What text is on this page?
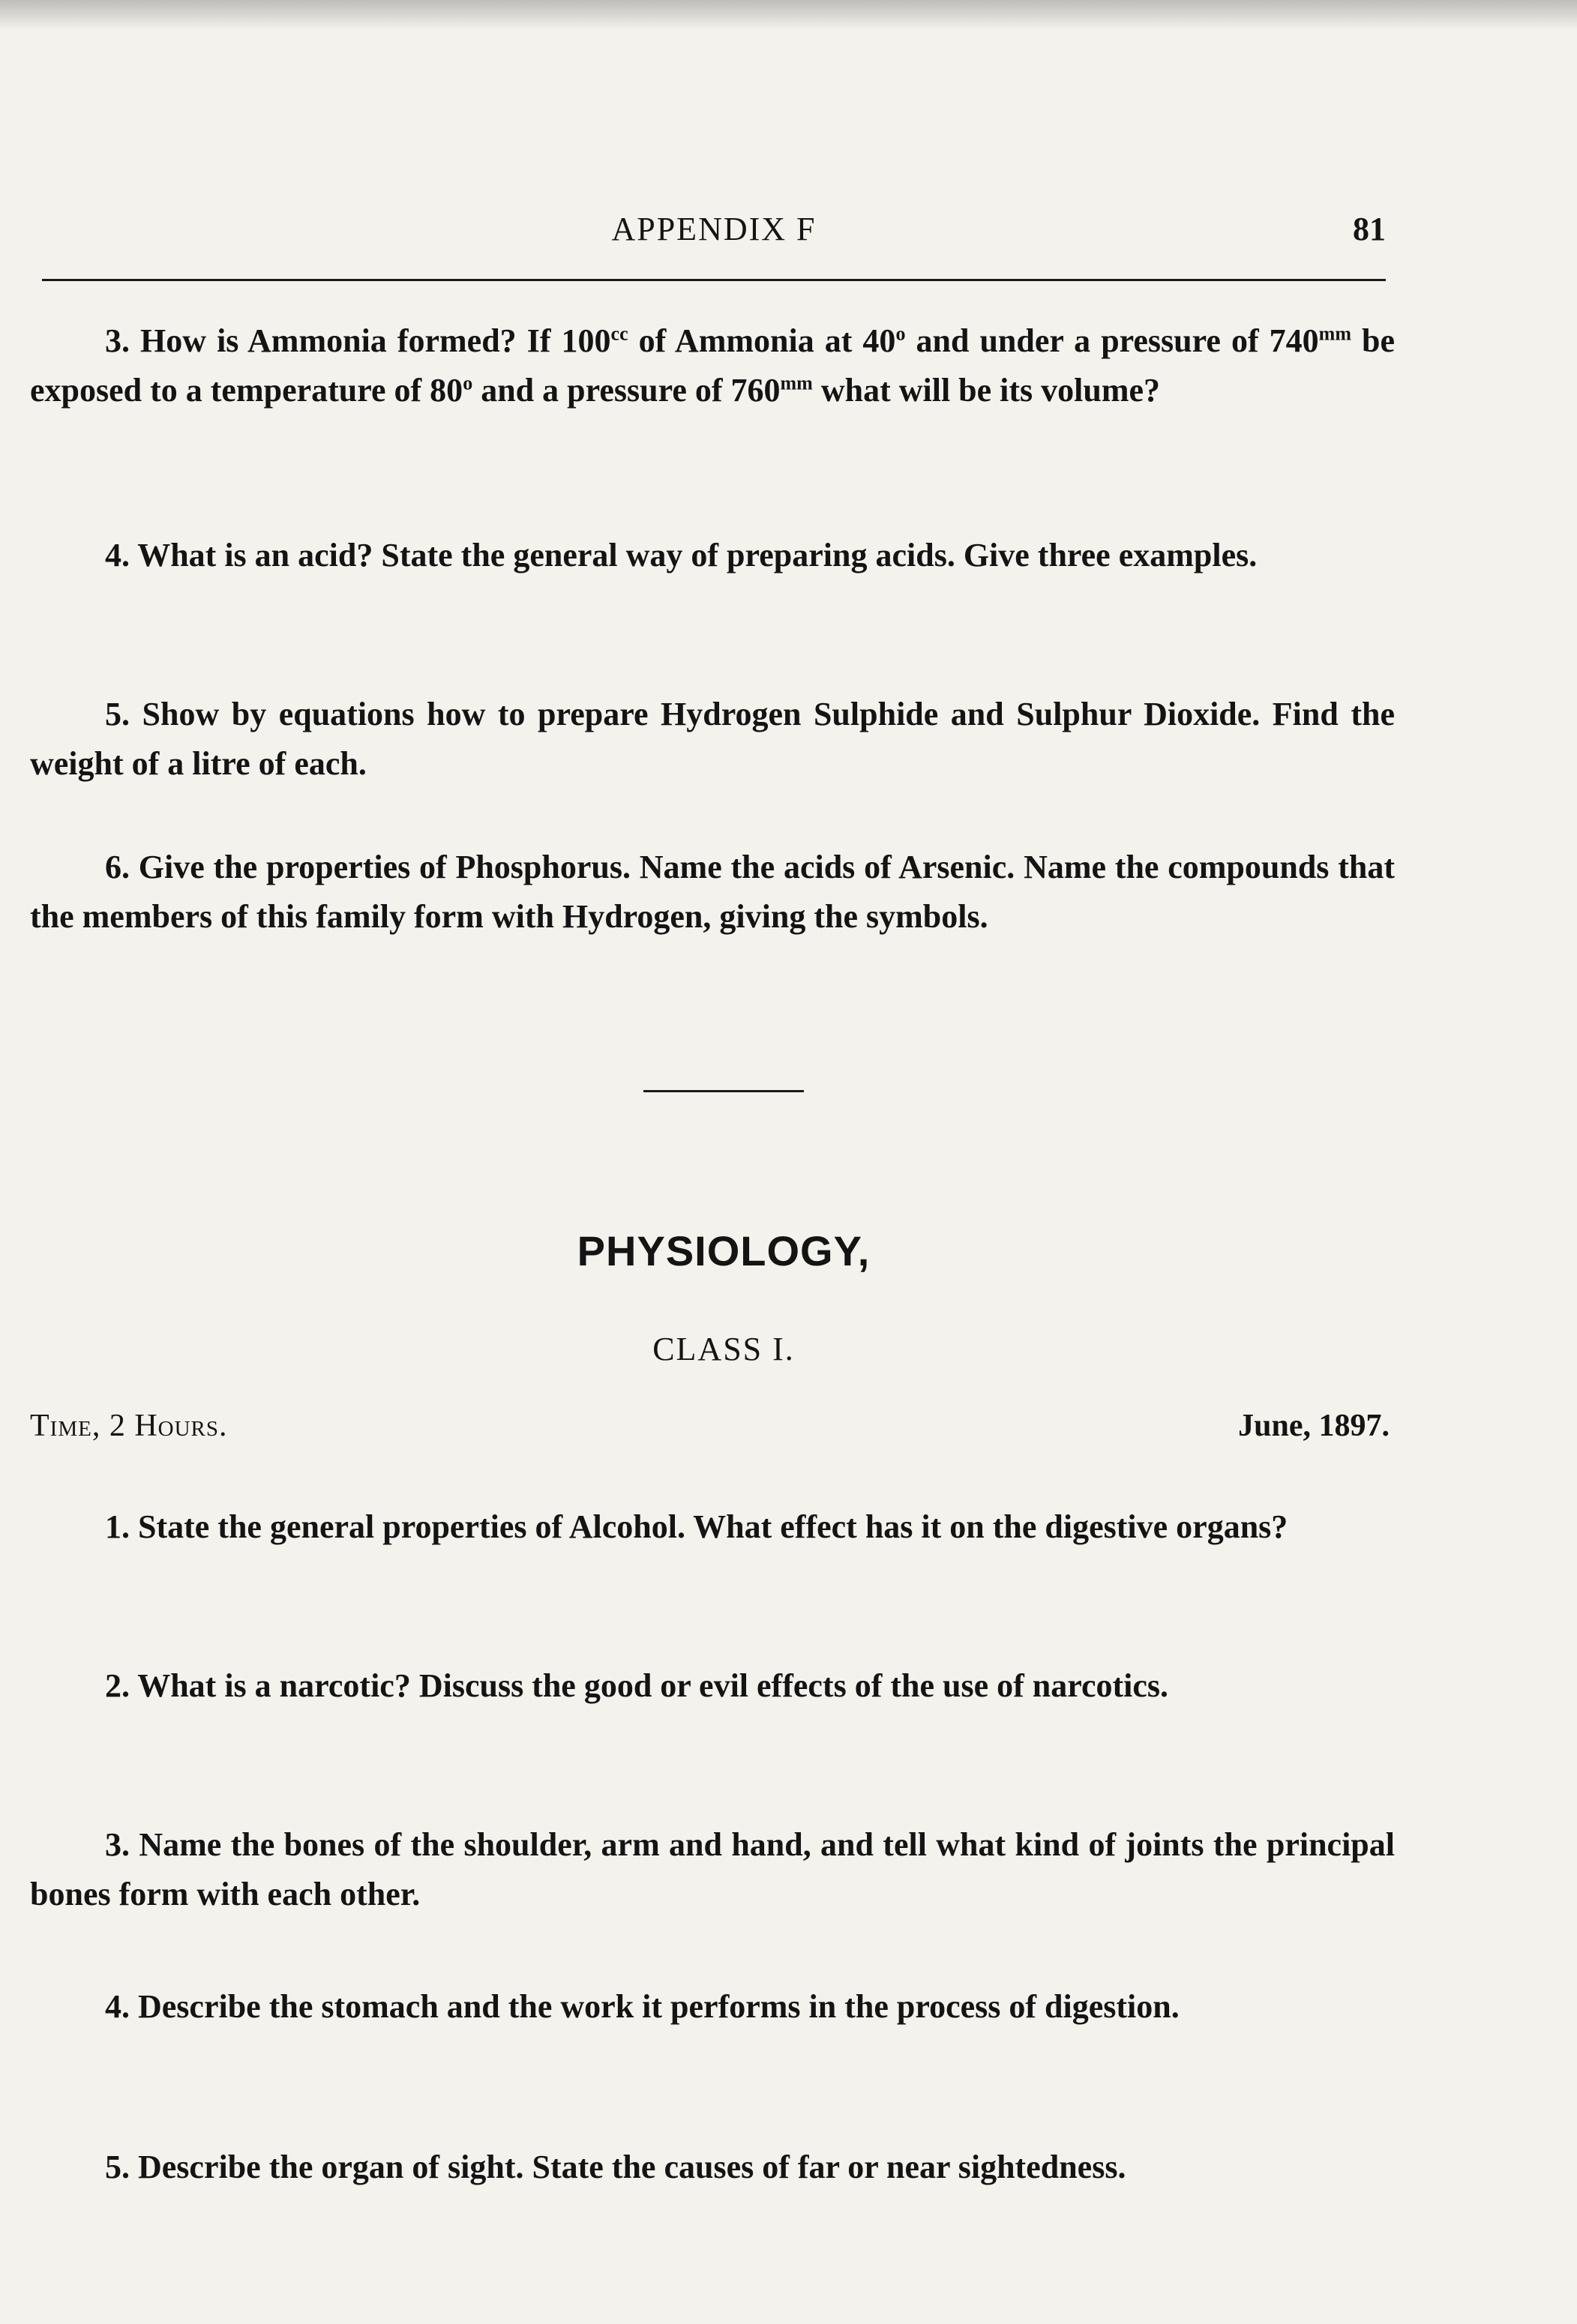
APPENDIX F	81
3. How is Ammonia formed? If $100^{cc}$ of Ammonia at 40$^o$ and under a pressure of $740^{mm}$ be exposed to a temperature of 80$^o$ and a pressure of $760^{mm}$ what will be its volume?
4. What is an acid? State the general way of preparing acids. Give three examples.
5. Show by equations how to prepare Hydrogen Sulphide and Sulphur Dioxide. Find the weight of a litre of each.
6. Give the properties of Phosphorus. Name the acids of Arsenic. Name the compounds that the members of this family form with Hydrogen, giving the symbols.
PHYSIOLOGY,
CLASS I.
Time, 2 Hours.	June, 1897.
1. State the general properties of Alcohol. What effect has it on the digestive organs?
2. What is a narcotic? Discuss the good or evil effects of the use of narcotics.
3. Name the bones of the shoulder, arm and hand, and tell what kind of joints the principal bones form with each other.
4. Describe the stomach and the work it performs in the process of digestion.
5. Describe the organ of sight. State the causes of far or near sightedness.
